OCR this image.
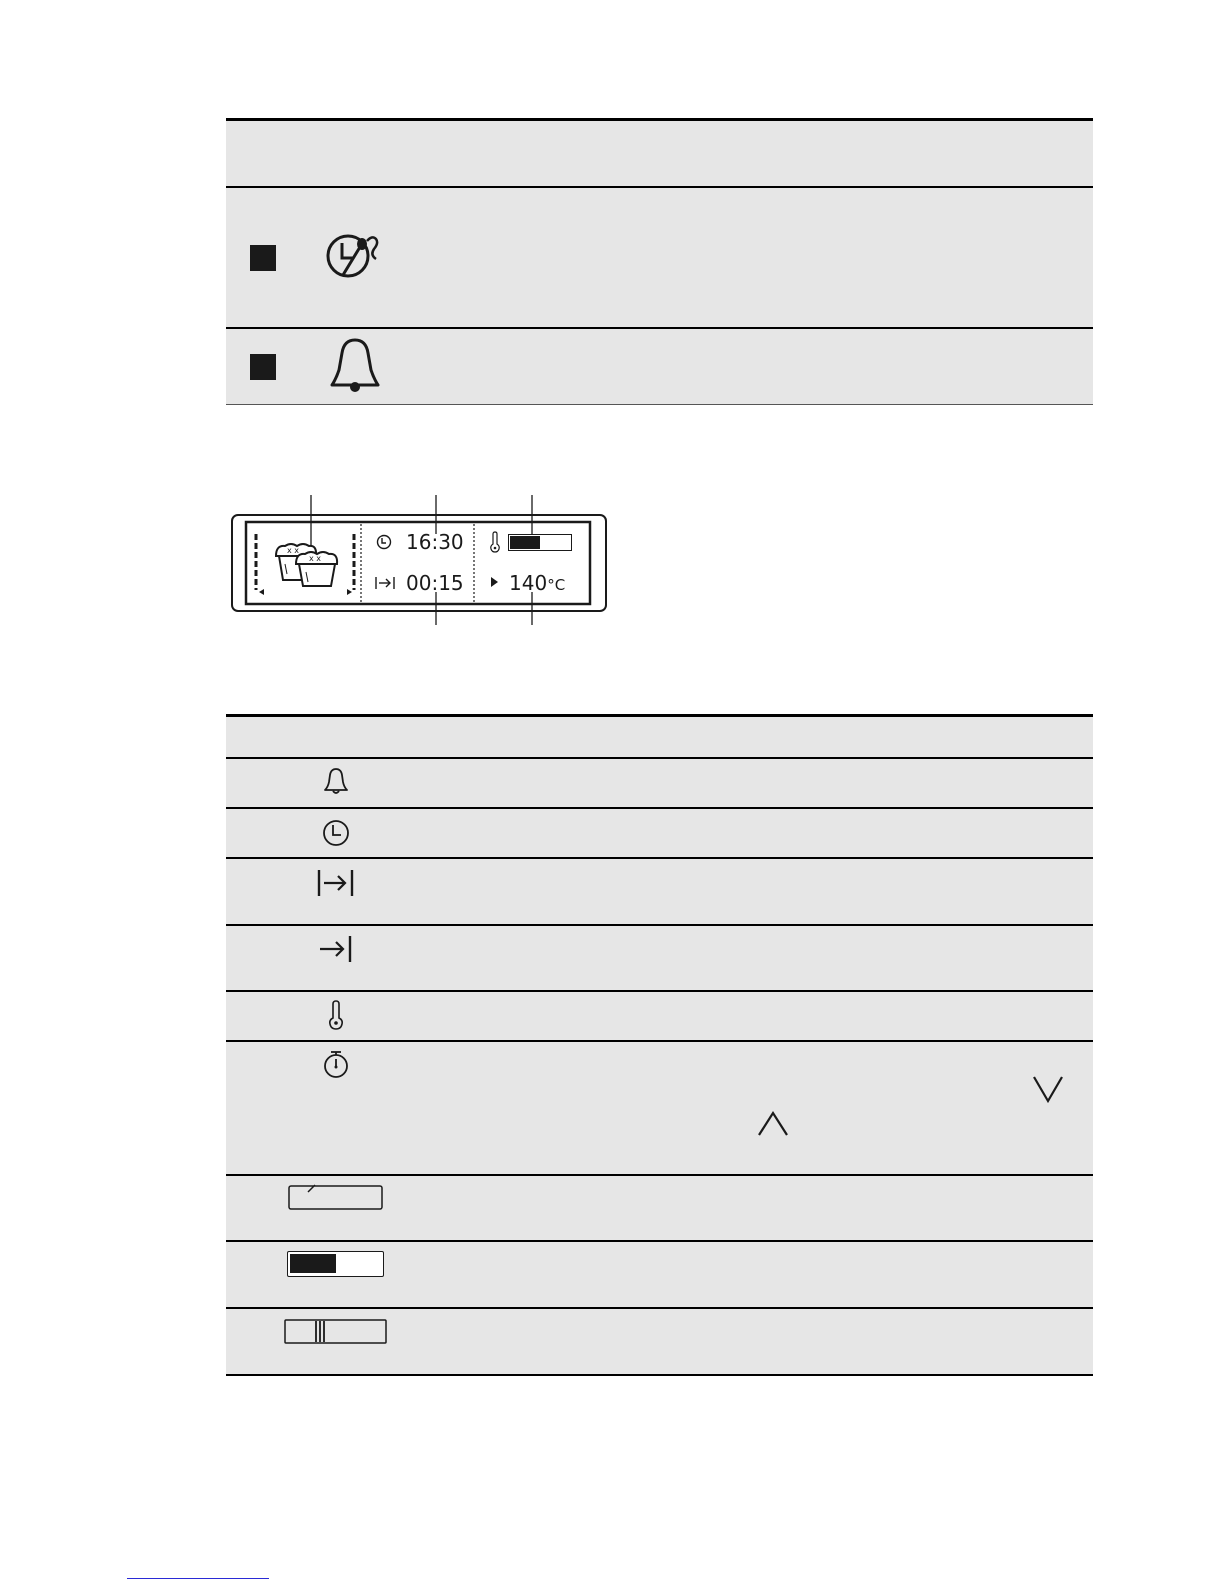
x x
x x
16:30
00:15 140°C
